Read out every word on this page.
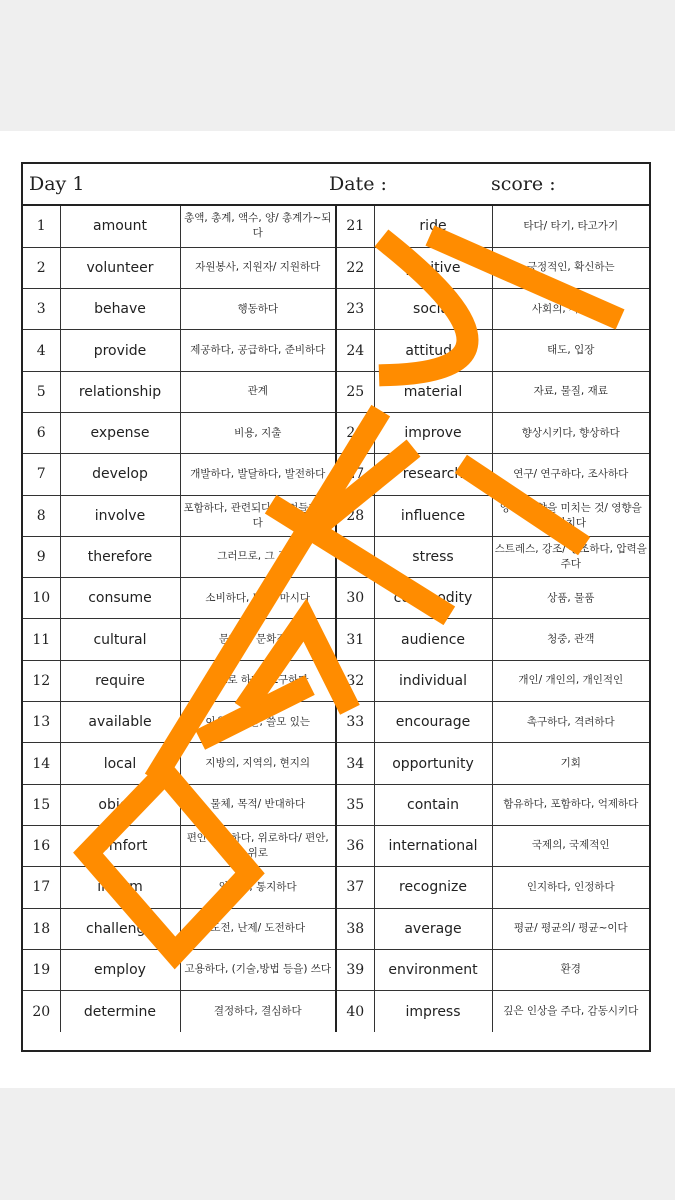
Day 1	Date :	score :
1	amount	총액, 총계, 액수, 양/ 총계가~되다	21	ride	타다/ 타기, 타고가기
2	volunteer	자원봉사, 지원자/ 지원하다	22	positive	긍정적인, 확신하는
3	behave	행동하다	23	social	사회의, 사교적인
4	provide	제공하다, 공급하다, 준비하다	24	attitude	태도, 입장
5	relationship	관계	25	material	자료, 물질, 재료
6	expense	비용, 지출	26	improve	향상시키다, 향상하다
7	develop	개발하다, 발달하다, 발전하다	27	research	연구/ 연구하다, 조사하다
8	involve	포함하다, 관련되다, 말려들게 하다	28	influence	영향, 영향을 미치는 것/ 영향을 끼치다
9	therefore	그러므로, 그 결과	29	stress	스트레스, 강조/ 강조하다, 압력을 주다
10	consume	소비하다, 먹다, 마시다	30	commodity	상품, 물품
11	cultural	문화의, 문화적인	31	audience	청중, 관객
12	require	필요로 하다, 요구하다	32	individual	개인/ 개인의, 개인적인
13	available	이용 가능한, 쓸모 있는	33	encourage	촉구하다, 격려하다
14	local	지방의, 지역의, 현지의	34	opportunity	기회
15	object	물체, 목적/ 반대하다	35	contain	함유하다, 포함하다, 억제하다
16	comfort	편안하게 하다, 위로하다/ 편안, 위로	36	international	국제의, 국제적인
17	inform	알리다, 통지하다	37	recognize	인지하다, 인정하다
18	challenge	도전, 난제/ 도전하다	38	average	평균/ 평균의/ 평균~이다
19	employ	고용하다, (기술,방법 등을) 쓰다	39	environment	환경
20	determine	결정하다, 결심하다	40	impress	깊은 인상을 주다, 감동시키다
